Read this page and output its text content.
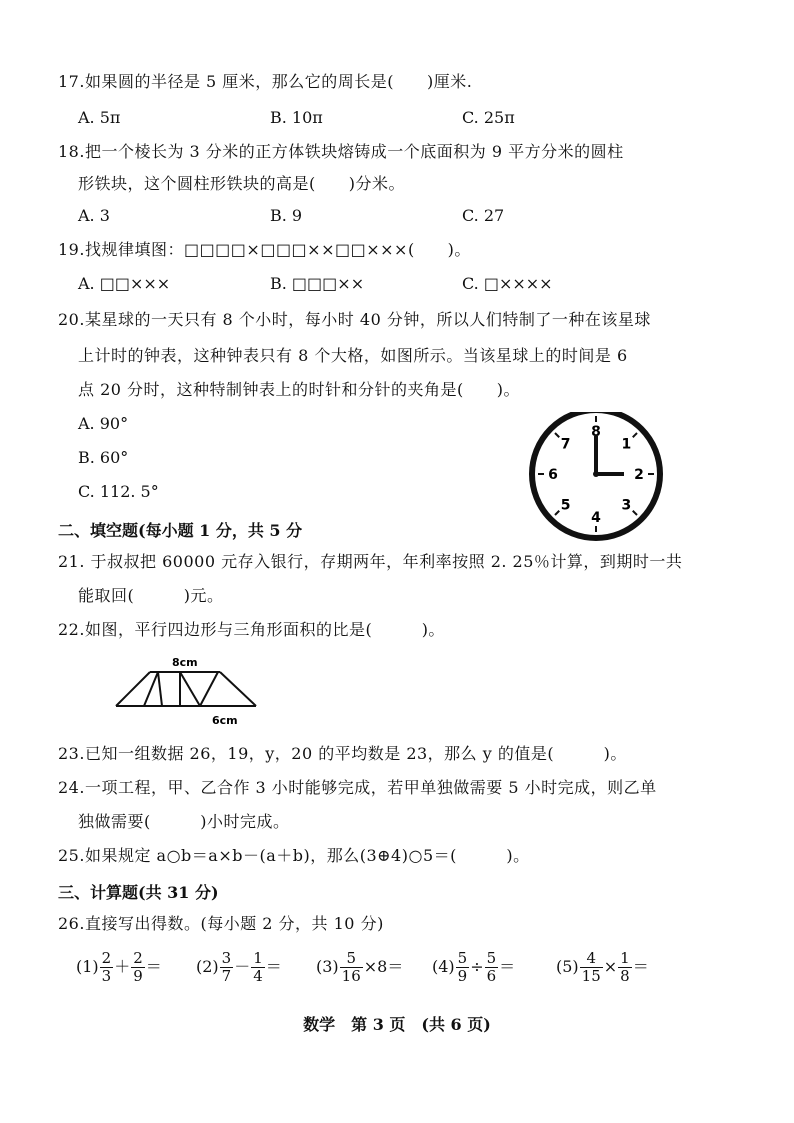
17.如果圆的半径是 5 厘米，那么它的周长是(　　)厘米.
A. 5π	B. 10π	C. 25π
18.把一个棱长为 3 分米的正方体铁块熔铸成一个底面积为 9 平方分米的圆柱
形铁块，这个圆柱形铁块的高是(　　)分米。
A. 3	B. 9	C. 27
19.找规律填图：□□□□×□□□××□□×××(　　)。
A. □□×××	B. □□□××	C. □××××
20.某星球的一天只有 8 个小时，每小时 40 分钟，所以人们特制了一种在该星球
上计时的钟表，这种钟表只有 8 个大格，如图所示。当该星球上的时间是 6
点 20 分时，这种特制钟表上的时针和分针的夹角是(　　)。
A. 90°
B. 60°
C. 112. 5°
8
1
2
3
4
5
6
7
二、填空题(每小题 1 分，共 5 分
21. 于叔叔把 60000 元存入银行，存期两年，年利率按照 2. 25％计算，到期时一共
能取回(　　　)元。
22.如图，平行四边形与三角形面积的比是(　　　)。
8cm
6cm
23.已知一组数据 26，19，y，20 的平均数是 23，那么 y 的值是(　　　)。
24.一项工程，甲、乙合作 3 小时能够完成，若甲单独做需要 5 小时完成，则乙单
独做需要(　　　)小时完成。
25.如果规定 a○b＝a×b－(a＋b)，那么(3⊕4)○5＝(　　　)。
三、计算题(共 31 分)
26.直接写出得数。(每小题 2 分，共 10 分)
$(1) \frac{2}{3} + \frac{2}{9} = (2) \frac{3}{7} - \frac{1}{4} = (3) \frac{5}{16} \times 8= (4) \frac{5}{9} \div \frac{5}{6}$ ＝	$(5) \frac{4}{15} \times \frac{1}{8}$ ＝
数学　第 3 页　(共 6 页)
